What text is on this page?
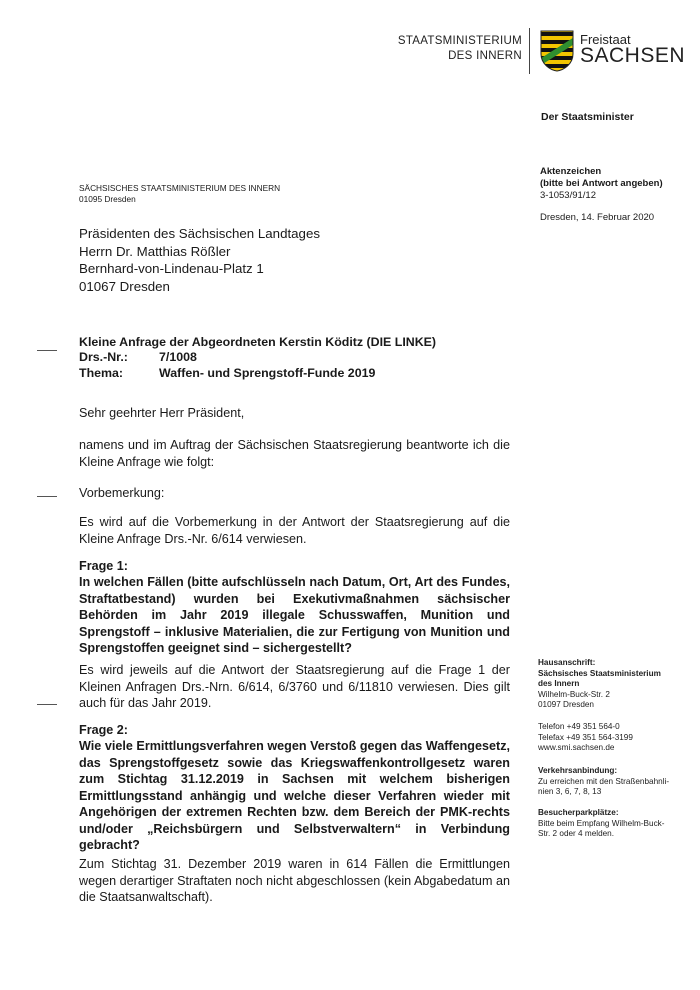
STAATSMINISTERIUM
DES INNERN
Freistaat
SACHSEN
Der Staatsminister
Aktenzeichen
(bitte bei Antwort angeben)
3-1053/91/12
Dresden, 14. Februar 2020
SÄCHSISCHES STAATSMINISTERIUM DES INNERN
01095 Dresden
Präsidenten des Sächsischen Landtages
Herrn Dr. Matthias Rößler
Bernhard-von-Lindenau-Platz 1
01067 Dresden
Kleine Anfrage der Abgeordneten Kerstin Köditz (DIE LINKE)
Drs.-Nr.:	7/1008
Thema:	Waffen- und Sprengstoff-Funde 2019
Sehr geehrter Herr Präsident,
namens und im Auftrag der Sächsischen Staatsregierung beantworte ich die Kleine Anfrage wie folgt:
Vorbemerkung:
Es wird auf die Vorbemerkung in der Antwort der Staatsregierung auf die Kleine Anfrage Drs.-Nr. 6/614 verwiesen.
Frage 1:
In welchen Fällen (bitte aufschlüsseln nach Datum, Ort, Art des Fundes, Straftatbestand) wurden bei Exekutivmaßnahmen sächsischer Behörden im Jahr 2019 illegale Schusswaffen, Munition und Sprengstoff – inklusive Materialien, die zur Fertigung von Munition und Sprengstoffen geeignet sind – sichergestellt?
Es wird jeweils auf die Antwort der Staatsregierung auf die Frage 1 der Kleinen Anfragen Drs.-Nrn. 6/614, 6/3760 und 6/11810 verwiesen. Dies gilt auch für das Jahr 2019.
Frage 2:
Wie viele Ermittlungsverfahren wegen Verstoß gegen das Waffengesetz, das Sprengstoffgesetz sowie das Kriegswaffenkontrollgesetz waren zum Stichtag 31.12.2019 in Sachsen mit welchem bisherigen Ermittlungsstand anhängig und welche dieser Verfahren wieder mit Angehörigen der extremen Rechten bzw. dem Bereich der PMK-rechts und/oder „Reichsbürgern und Selbstverwaltern“ in Verbindung gebracht?
Zum Stichtag 31. Dezember 2019 waren in 614 Fällen die Ermittlungen wegen derartiger Straftaten noch nicht abgeschlossen (kein Abgabedatum an die Staatsanwaltschaft).
Hausanschrift:
Sächsisches Staatsministerium
des Innern
Wilhelm-Buck-Str. 2
01097 Dresden
Telefon +49 351 564-0
Telefax +49 351 564-3199
www.smi.sachsen.de
Verkehrsanbindung:
Zu erreichen mit den Straßenbahnli-
nien 3, 6, 7, 8, 13
Besucherparkplätze:
Bitte beim Empfang Wilhelm-Buck-
Str. 2 oder 4 melden.
